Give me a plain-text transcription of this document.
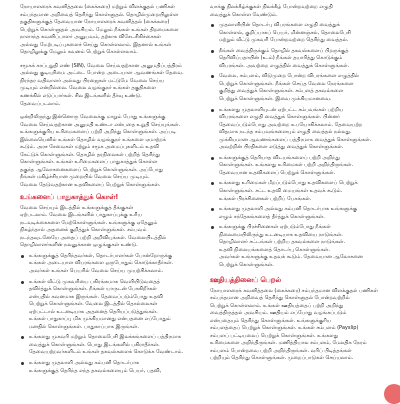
நோயாளரைக் கவனித்தலை (கைக்கரை) மற்றும் விளக்குதல் பணிகள்
சம்பந்தமான அறிவைத் தெரிந்து கொள்ளுதல். தொழில்முறையிலுள்ள
தகுதிகளுக்குத் தேவையான நோயாளரைக் கவனித்தல் (கைக்கரை)
பெற்றுக் கொள்ளுதல் அவசியம். மேலும் நீங்கள் உங்கள் திறமைகளை
நாளாந்த கவனிப்பாளர் அனுபவம், தற்காக விசேடசிகிச்சைகள்
அல்லது மேற்படிப்புகளைச் செய்து கொள்ளலாம். இதனால் உங்கள்
தொழிலுக்கு மேலும் கவனம் பெற்றுக் கொள்ளலாம்.
சமூகக் காப்புறுதி எண் (SIN), வேலை செய்வதற்கான அனுமதிப்பத்திரம்
அல்லது குடியுரிமை அட்டை போன்ற அடையாள ஆவணங்கள் தேவை.
நிரந்தர வதிவாளர் அல்லது பிரஜைகள் மட்டுமே வேலை செய்ய
முடியும் என்றில்லை. வேலை வழங்குநர் உங்கள் தகுதிகளை
கணக்கில் எடுப்பார்கள். சில இடங்களில் தீர்வு உண்டு.
தேவைப்படலாம்.
ஒன்றிலிருந்து இன்னொரு வேலைக்கு மாறும் போது உங்களுக்கு
வேலை செய்வதற்கான அனுமதி உண்டா என்பதை உறுதி செய்யுங்கள்.
உங்களுக்குரிய உரிமைகளைப் பற்றி அறிந்து கொள்ளுங்கள். அப்படி
இல்லையெனில் உங்கள் தொழில் வழங்குநர் உங்களை ஏமாற்றக்
கூடும். அரச சேவைகள் மற்றும் சமூக அமைப்புகளிடம் உதவி
கேட்டுக் கொள்ளுங்கள். தொழில் தரநிலைகள் பற்றித் தெரிந்து
கொள்ளுங்கள். உங்கள் உரிமைகளைப் பாதுகாத்துக் கொள்ள
தகுந்த ஆலோசனைகளைப் பெற்றுக் கொள்ளுங்கள். அப்போது
நீங்கள் மகிழ்ச்சியான முறையில் வேலை செய்ய முடியும்.
வேலை தேடுவதற்கான உதவிகளைப் பெற்றுக் கொள்ளுங்கள்.
உங்களைப் பாதுகாத்துக் கொள்!
வேலை செய்யும் இடத்தில் உங்களுக்குத் தீங்குகள்
ஏற்படலாம். வேலை இடங்களில் பாதுகாப்புக்கு உரிய
நடவடிக்கைகளை மேற்கொள்ளுங்கள். உங்களுக்கு ஏதேனும்
நிகழ்ந்தால் அதனைக் குறித்துக் கொள்ளுங்கள். சம்பவம்
நடந்தவுடனேயே அதைப் பற்றி அறிவியுங்கள். வேலையிடத்தில்
தொழிலாளர்களின் நலனுக்கான ஒழுங்குகள் உண்டு.
உங்களுக்குத் தெரிந்தவர்கள், தொடர்பாளர்கள் போன்றோருக்கு
உங்கள் அடையாள விபரங்களை ஒருபோதும் கொடுக்காதீர்கள்.
அவர்கள் உங்கள் பெயரில் வேலை செய்ய முயற்சிக்கலாம்.
உங்கள் வீட்டு முகவரியை பகிரங்கமாக வெளியிடுவதைத்
தவிர்த்துக் கொள்ளுங்கள். நீங்கள் யாருடன் பேசுகிறீர்கள்
என்பதில் கவனமாக இருங்கள். தேவைப்படும்போது உதவி
பெற்றுக் கொள்ளுங்கள். வேலை இடத்தில் தொல்லைகள்
ஏற்பட்டால் உடனடியாக அதனைத் தெரியப்படுத்துங்கள்.
உங்கள் பாதுகாப்பு மிக முக்கியமானது என்பதனை எப்போதும்
மனதில் கொள்ளுங்கள். பாதுகாப்பாக இருங்கள்.
உங்களது முகவரி மற்றும் தொலைபேசி இலக்கங்களைப் பத்திரமாக
வைத்துக் கொள்ளுங்கள். பொது இடங்களில் பகிராதீர்கள்.
தேவையற்றவர்களிடம் உங்கள் தகவல்களைக் கொடுக்க வேண்டாம்.
உங்களது முதலாளி அல்லது கம்பனி தொடர்பாக
உங்களுக்குத் தெரிந்த எந்த தகவல்களையும் பெயர், பதவி,
வாக்கு நிலக்கீழ்க்குகள் நிலக்கீழ் போன்றவற்றை எழுதி
வைத்துக் கொள்ள வேண்டும்.
முதலாளியின் தொடர்பு விபரங்களை எழுதி வைத்துக்
கொள்ளல், குறிப்பாகப் பெயர், மின்னஞ்சல், தொலைபேசி
மற்றும் வீட்டு முகவரி போன்றவற்றை தெரிந்து வைத்தல்.
நீங்கள் வைத்திருக்கும் தொழில் தகவல்களைப் பிறருக்குத்
தெரிவிப்பதாயின் (உ.ம்) நீங்கள் தயாரித்து கொடுக்கும்
விபரங்கள். அவற்றை எழுத்தில் வைத்துக் கொள்ளுங்கள்.
வேலை, சம்பளம், விடுமுறை போன்ற விபரங்களை எழுத்தில்
பெற்றுக் கொள்ளுங்கள். நீங்கள் செய்த வேலை நேரங்களை
குறித்து வைத்துக் கொள்ளுங்கள். சம்பளத் தகவல்களை
பெற்றுக் கொள்ளுங்கள். இவை முக்கியமானவை.
உங்களது முதலாளியுடன் ஏற்பட்ட சம்பவங்கள் பற்றிய
விபரங்களை எழுதி வைத்துக் கொள்ளுங்கள். பின்னர்
தேவைப்படும்போது அவற்றை உபயோகிக்கலாம். தேவையற்ற
விதமாக நடந்த சம்பவங்களையும் எழுதி வைத்தல் நல்லது.
முக்கியமான ஆவணங்களைப் பத்திரமாக வைத்துக் கொள்ளுங்கள்.
அவற்றின் பிரதிகளை எடுத்து வைத்துக் கொள்ளுங்கள்.
உங்களுக்குத் தெரியாத விடயங்களைப் பற்றி அறிந்து
கொள்ளுங்கள். உங்களது உரிமைகள் பற்றி அறிந்திருங்கள்.
தேவையான உதவிகளைப் பெற்றுக் கொள்ளுங்கள்.
உங்களது உரிமைகள் மீறப்படும்போது உதவிகளைப் பெற்றுக்
கொள்ளுங்கள். சட்ட உதவி மையங்கள் உதவக் கூடும்.
உங்கள் பிரச்சினைகள் பற்றிப் பேசுங்கள்.
உங்களது முதலாளி அல்லது கம்பனி தொடர்பாக உங்களுக்கு
எழும் சந்தேகங்களைத் தீர்த்துக் கொள்ளுங்கள்.
உங்களுக்கு பிரச்சினைகள் ஏற்படும்போது நீங்கள்
நிலைமையிலிருந்து உடனடியாக உதவியை நாடுங்கள்.
தொழிலாளர் சட்டங்கள் பற்றிய தகவல்களை நாடுங்கள்.
உதவி நிலையங்களைத் தொடர்பு கொள்ளுங்கள்.
அவர்கள் உங்களுக்கு உதவக் கூடும். தேவையான ஆலோசனை
பெற்றுக் கொள்ளுங்கள்.
ஊதியத்தினைப் பெறல்
நோயாளரைக் கவனித்தலை (கைக்கரை) சம்பந்தமான விளக்குதல் பணிகள்
சம்பந்தமான அறிவைத் தெரிந்து கொள்ளுதல் போன்றவற்றில்
பெற்றுக் கொள்ளலாம். உங்கள் ஊதியத்தைப் பற்றி அறிந்து
வைத்திருத்தல் அவசியம். ஊதியம் எப்போது வழங்கப்படும்
என்பதையும் தெரிந்து கொள்ளுங்கள். உங்களுக்குரிய
சம்பளத்தைப் பெற்றுக் கொள்ளுங்கள். உங்கள் சம்பளம் (Payslip)
சம்பளப் பட்டியலைப் பெற்றுக் கொள்ளுங்கள். உங்களது
உரிமைகளை அறிந்திருங்கள். மணித்தியால சம்பளம், மேலதிக நேரம்
சம்பளம் போன்றவை பற்றி அறிந்திருங்கள். வரிப் பிடித்தங்கள்
பற்றியும் தெரிந்து கொள்ளுங்கள். முறைப்பாடுகள் செய்யலாம்.
